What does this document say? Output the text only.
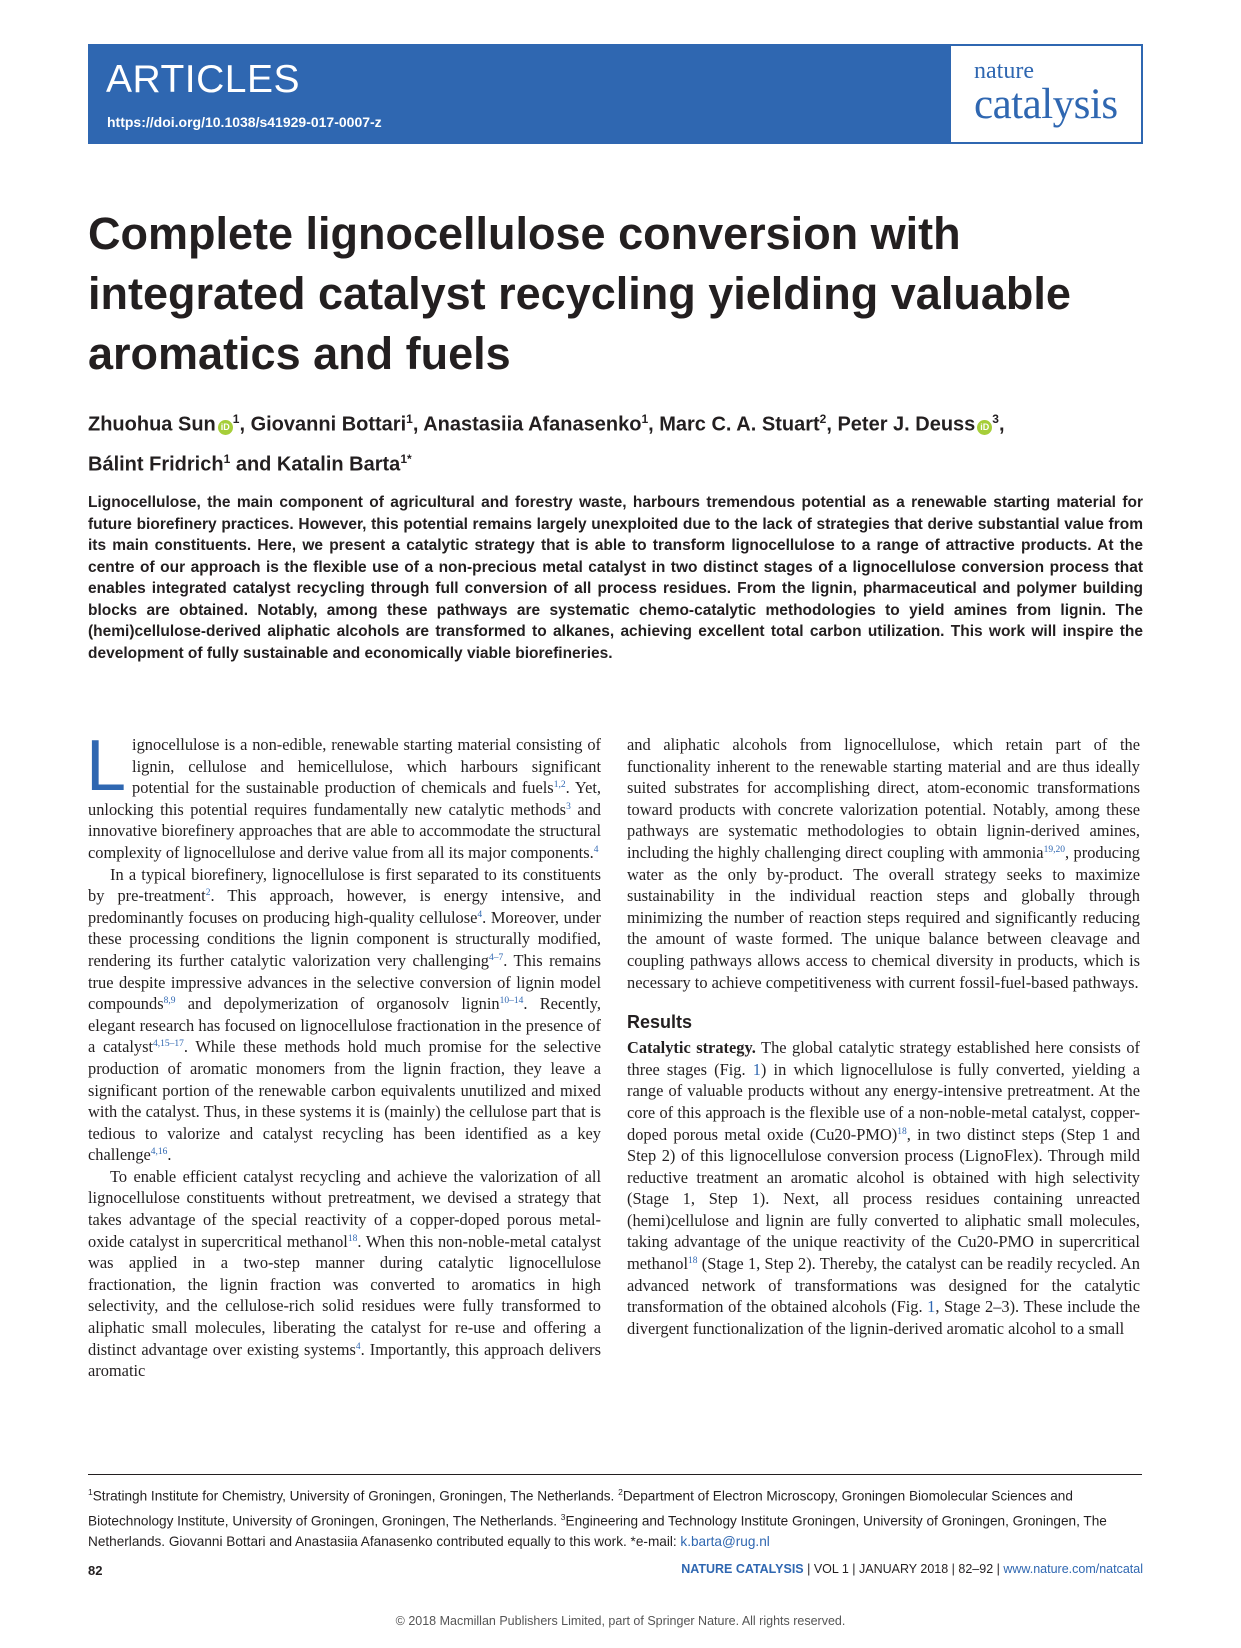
ARTICLES
https://doi.org/10.1038/s41929-017-0007-z
nature
catalysis
Complete lignocellulose conversion with integrated catalyst recycling yielding valuable aromatics and fuels
Zhuohua Sun $iD^1$, Giovanni Bottari$^1$, Anastasiia Afanasenko$^1$, Marc C. A. Stuart$^2$, Peter J. Deuss $iD^3$,
Bálint Fridrich$^1$ and Katalin Barta$^{1*}$

Lignocellulose, the main component of agricultural and forestry waste, harbours tremendous potential as a renewable starting material for future biorefinery practices. However, this potential remains largely unexploited due to the lack of strategies that derive substantial value from its main constituents. Here, we present a catalytic strategy that is able to transform lignocellulose to a range of attractive products. At the centre of our approach is the flexible use of a non-precious metal catalyst in two distinct stages of a lignocellulose conversion process that enables integrated catalyst recycling through full conversion of all process residues. From the lignin, pharmaceutical and polymer building blocks are obtained. Notably, among these pathways are systematic chemo-catalytic methodologies to yield amines from lignin. The (hemi)cellulose-derived aliphatic alcohols are transformed to alkanes, achieving excellent total carbon utilization. This work will inspire the development of fully sustainable and economically viable biorefineries.

Lignocellulose is a non-edible, renewable starting material consisting of lignin, cellulose and hemicellulose, which harbours significant potential for the sustainable production of chemicals and fuels$^{1,2}$. Yet, unlocking this potential requires fundamentally new catalytic methods$^3$ and innovative biorefinery approaches that are able to accommodate the structural complexity of lignocellulose and derive value from all its major components.$^4$

In a typical biorefinery, lignocellulose is first separated to its constituents by pre-treatment$^2$. This approach, however, is energy intensive, and predominantly focuses on producing high-quality cellulose$^4$. Moreover, under these processing conditions the lignin component is structurally modified, rendering its further catalytic valorization very challenging$^{4-7}$. This remains true despite impressive advances in the selective conversion of lignin model compounds$^{8,9}$ and depolymerization of organosolv lignin$^{10-14}$. Recently, elegant research has focused on lignocellulose fractionation in the presence of a catalyst$^{4,15-17}$. While these methods hold much promise for the selective production of aromatic monomers from the lignin fraction, they leave a significant portion of the renewable carbon equivalents unutilized and mixed with the catalyst. Thus, in these systems it is (mainly) the cellulose part that is tedious to valorize and catalyst recycling has been identified as a key challenge$^{4,16}$.

To enable efficient catalyst recycling and achieve the valorization of all lignocellulose constituents without pretreatment, we devised a strategy that takes advantage of the special reactivity of a copper-doped porous metal-oxide catalyst in supercritical methanol$^{18}$. When this non-noble-metal catalyst was applied in a two-step manner during catalytic lignocellulose fractionation, the lignin fraction was converted to aromatics in high selectivity, and the cellulose-rich solid residues were fully transformed to aliphatic small molecules, liberating the catalyst for re-use and offering a distinct advantage over existing systems$^4$. Importantly, this approach delivers aromatic

and aliphatic alcohols from lignocellulose, which retain part of the functionality inherent to the renewable starting material and are thus ideally suited substrates for accomplishing direct, atom-economic transformations toward products with concrete valorization potential. Notably, among these pathways are systematic methodologies to obtain lignin-derived amines, including the highly challenging direct coupling with ammonia$^{19,20}$, producing water as the only by-product. The overall strategy seeks to maximize sustainability in the individual reaction steps and globally through minimizing the number of reaction steps required and significantly reducing the amount of waste formed. The unique balance between cleavage and coupling pathways allows access to chemical diversity in products, which is necessary to achieve competitiveness with current fossil-fuel-based pathways.

Results

Catalytic strategy. The global catalytic strategy established here consists of three stages (Fig. 1) in which lignocellulose is fully converted, yielding a range of valuable products without any energy-intensive pretreatment. At the core of this approach is the flexible use of a non-noble-metal catalyst, copper-doped porous metal oxide (Cu20-PMO)$^{18}$, in two distinct steps (Step 1 and Step 2) of this lignocellulose conversion process (LignoFlex). Through mild reductive treatment an aromatic alcohol is obtained with high selectivity (Stage 1, Step 1). Next, all process residues containing unreacted (hemi)cellulose and lignin are fully converted to aliphatic small molecules, taking advantage of the unique reactivity of the Cu20-PMO in supercritical methanol$^{18}$ (Stage 1, Step 2). Thereby, the catalyst can be readily recycled. An advanced network of transformations was designed for the catalytic transformation of the obtained alcohols (Fig. 1, Stage 2–3). These include the divergent functionalization of the lignin-derived aromatic alcohol to a small

$^1$Stratingh Institute for Chemistry, University of Groningen, Groningen, The Netherlands. $^2$Department of Electron Microscopy, Groningen Biomolecular Sciences and Biotechnology Institute, University of Groningen, Groningen, The Netherlands. $^3$Engineering and Technology Institute Groningen, University of Groningen, Groningen, The Netherlands. Giovanni Bottari and Anastasiia Afanasenko contributed equally to this work. *e-mail: k.barta@rug.nl
82	NATURE CATALYSIS | VOL 1 | JANUARY 2018 | 82–92 | www.nature.com/natcatal
© 2018 Macmillan Publishers Limited, part of Springer Nature. All rights reserved.
